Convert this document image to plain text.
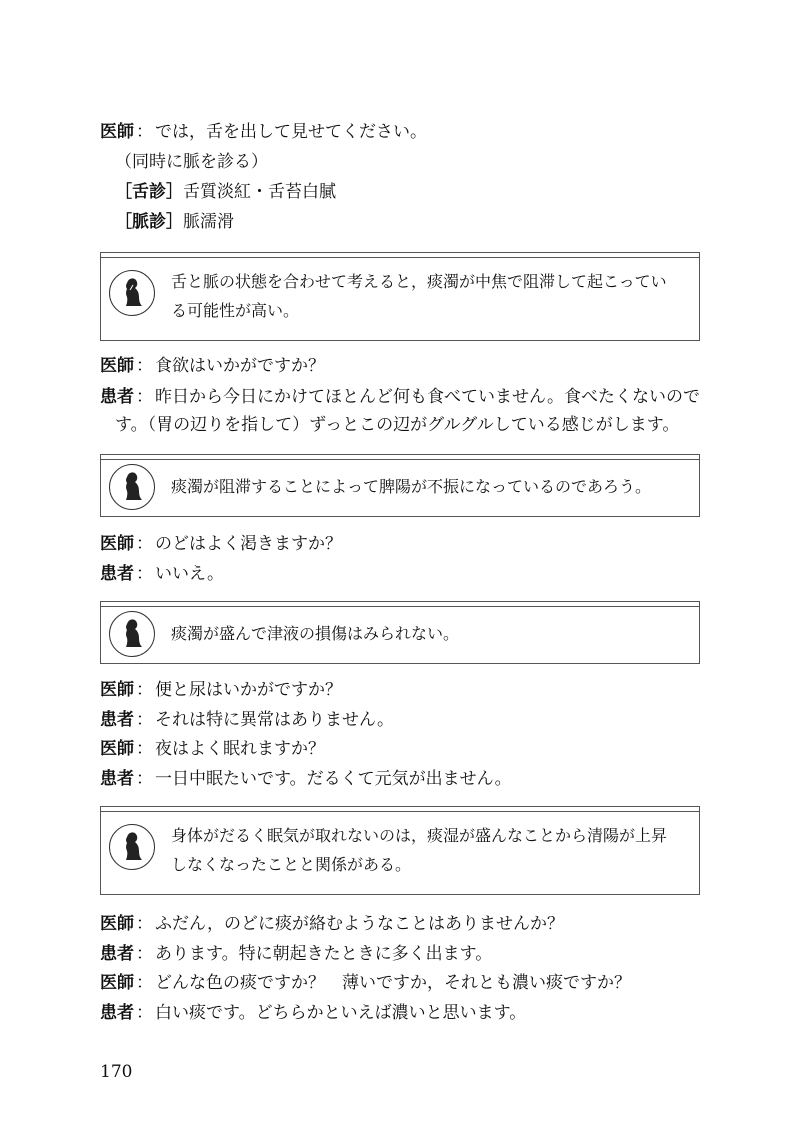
医師 ： では，舌を出して見せてください。
（同時に脈を診る）
［舌診］舌質淡紅・舌苔白膩
［脈診］脈濡滑
舌と脈の状態を合わせて考えると，痰濁が中焦で阻滞して起こってい
る可能性が高い。
医師 ： 食欲はいかがですか？
患者 ： 昨日から今日にかけてほとんど何も食べていません。食べたくないので
す。（胃の辺りを指して）ずっとこの辺がグルグルしている感じがします。
痰濁が阻滞することによって脾陽が不振になっているのであろう。
医師 ： のどはよく渇きますか？
患者 ： いいえ。
痰濁が盛んで津液の損傷はみられない。
医師 ： 便と尿はいかがですか？
患者 ： それは特に異常はありません。
医師 ： 夜はよく眠れますか？
患者 ： 一日中眠たいです。だるくて元気が出ません。
身体がだるく眠気が取れないのは，痰湿が盛んなことから清陽が上昇
しなくなったことと関係がある。
医師 ： ふだん，のどに痰が絡むようなことはありませんか？
患者 ： あります。特に朝起きたときに多く出ます。
医師 ： どんな色の痰ですか？　薄いですか，それとも濃い痰ですか？
患者 ： 白い痰です。どちらかといえば濃いと思います。
170
